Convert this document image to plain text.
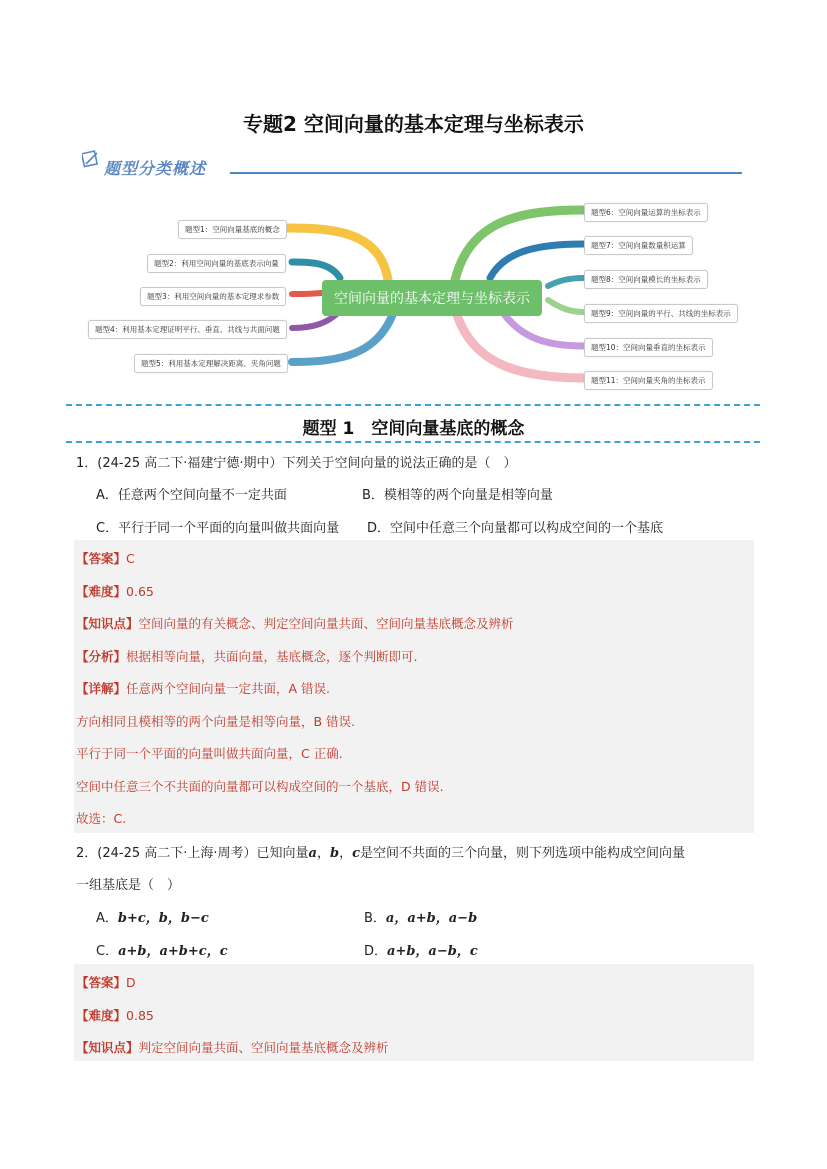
专题2 空间向量的基本定理与坐标表示
题型分类概述
空间向量的基本定理与坐标表示
题型1：空间向量基底的概念
题型2：利用空间向量的基底表示向量
题型3：利用空间向量的基本定理求参数
题型4：利用基本定理证明平行、垂直、共线与共面问题
题型5：利用基本定理解决距离、夹角问题
题型6：空间向量运算的坐标表示
题型7：空间向量数量积运算
题型8：空间向量模长的坐标表示
题型9：空间向量的平行、共线的坐标表示
题型10：空间向量垂直的坐标表示
题型11：空间向量夹角的坐标表示
题型 1　空间向量基底的概念
1．(24-25 高二下·福建宁德·期中）下列关于空间向量的说法正确的是（　）
A．任意两个空间向量不一定共面	B．模相等的两个向量是相等向量
C．平行于同一个平面的向量叫做共面向量 D．空间中任意三个向量都可以构成空间的一个基底
【答案】C
【难度】0.65
【知识点】空间向量的有关概念、判定空间向量共面、空间向量基底概念及辨析
【分析】根据相等向量，共面向量，基底概念，逐个判断即可.
【详解】任意两个空间向量一定共面，A 错误.
方向相同且模相等的两个向量是相等向量，B 错误.
平行于同一个平面的向量叫做共面向量，C 正确.
空间中任意三个不共面的向量都可以构成空间的一个基底，D 错误.
故选：C.
2．(24-25 高二下·上海·周考）已知向量a，b，c是空间不共面的三个向量，则下列选项中能构成空间向量
一组基底是（　）
A．b+c，b，b−c	B．a，a+b，a−b
C．a+b，a+b+c，c	D．a+b，a−b，c
【答案】D
【难度】0.85
【知识点】判定空间向量共面、空间向量基底概念及辨析
